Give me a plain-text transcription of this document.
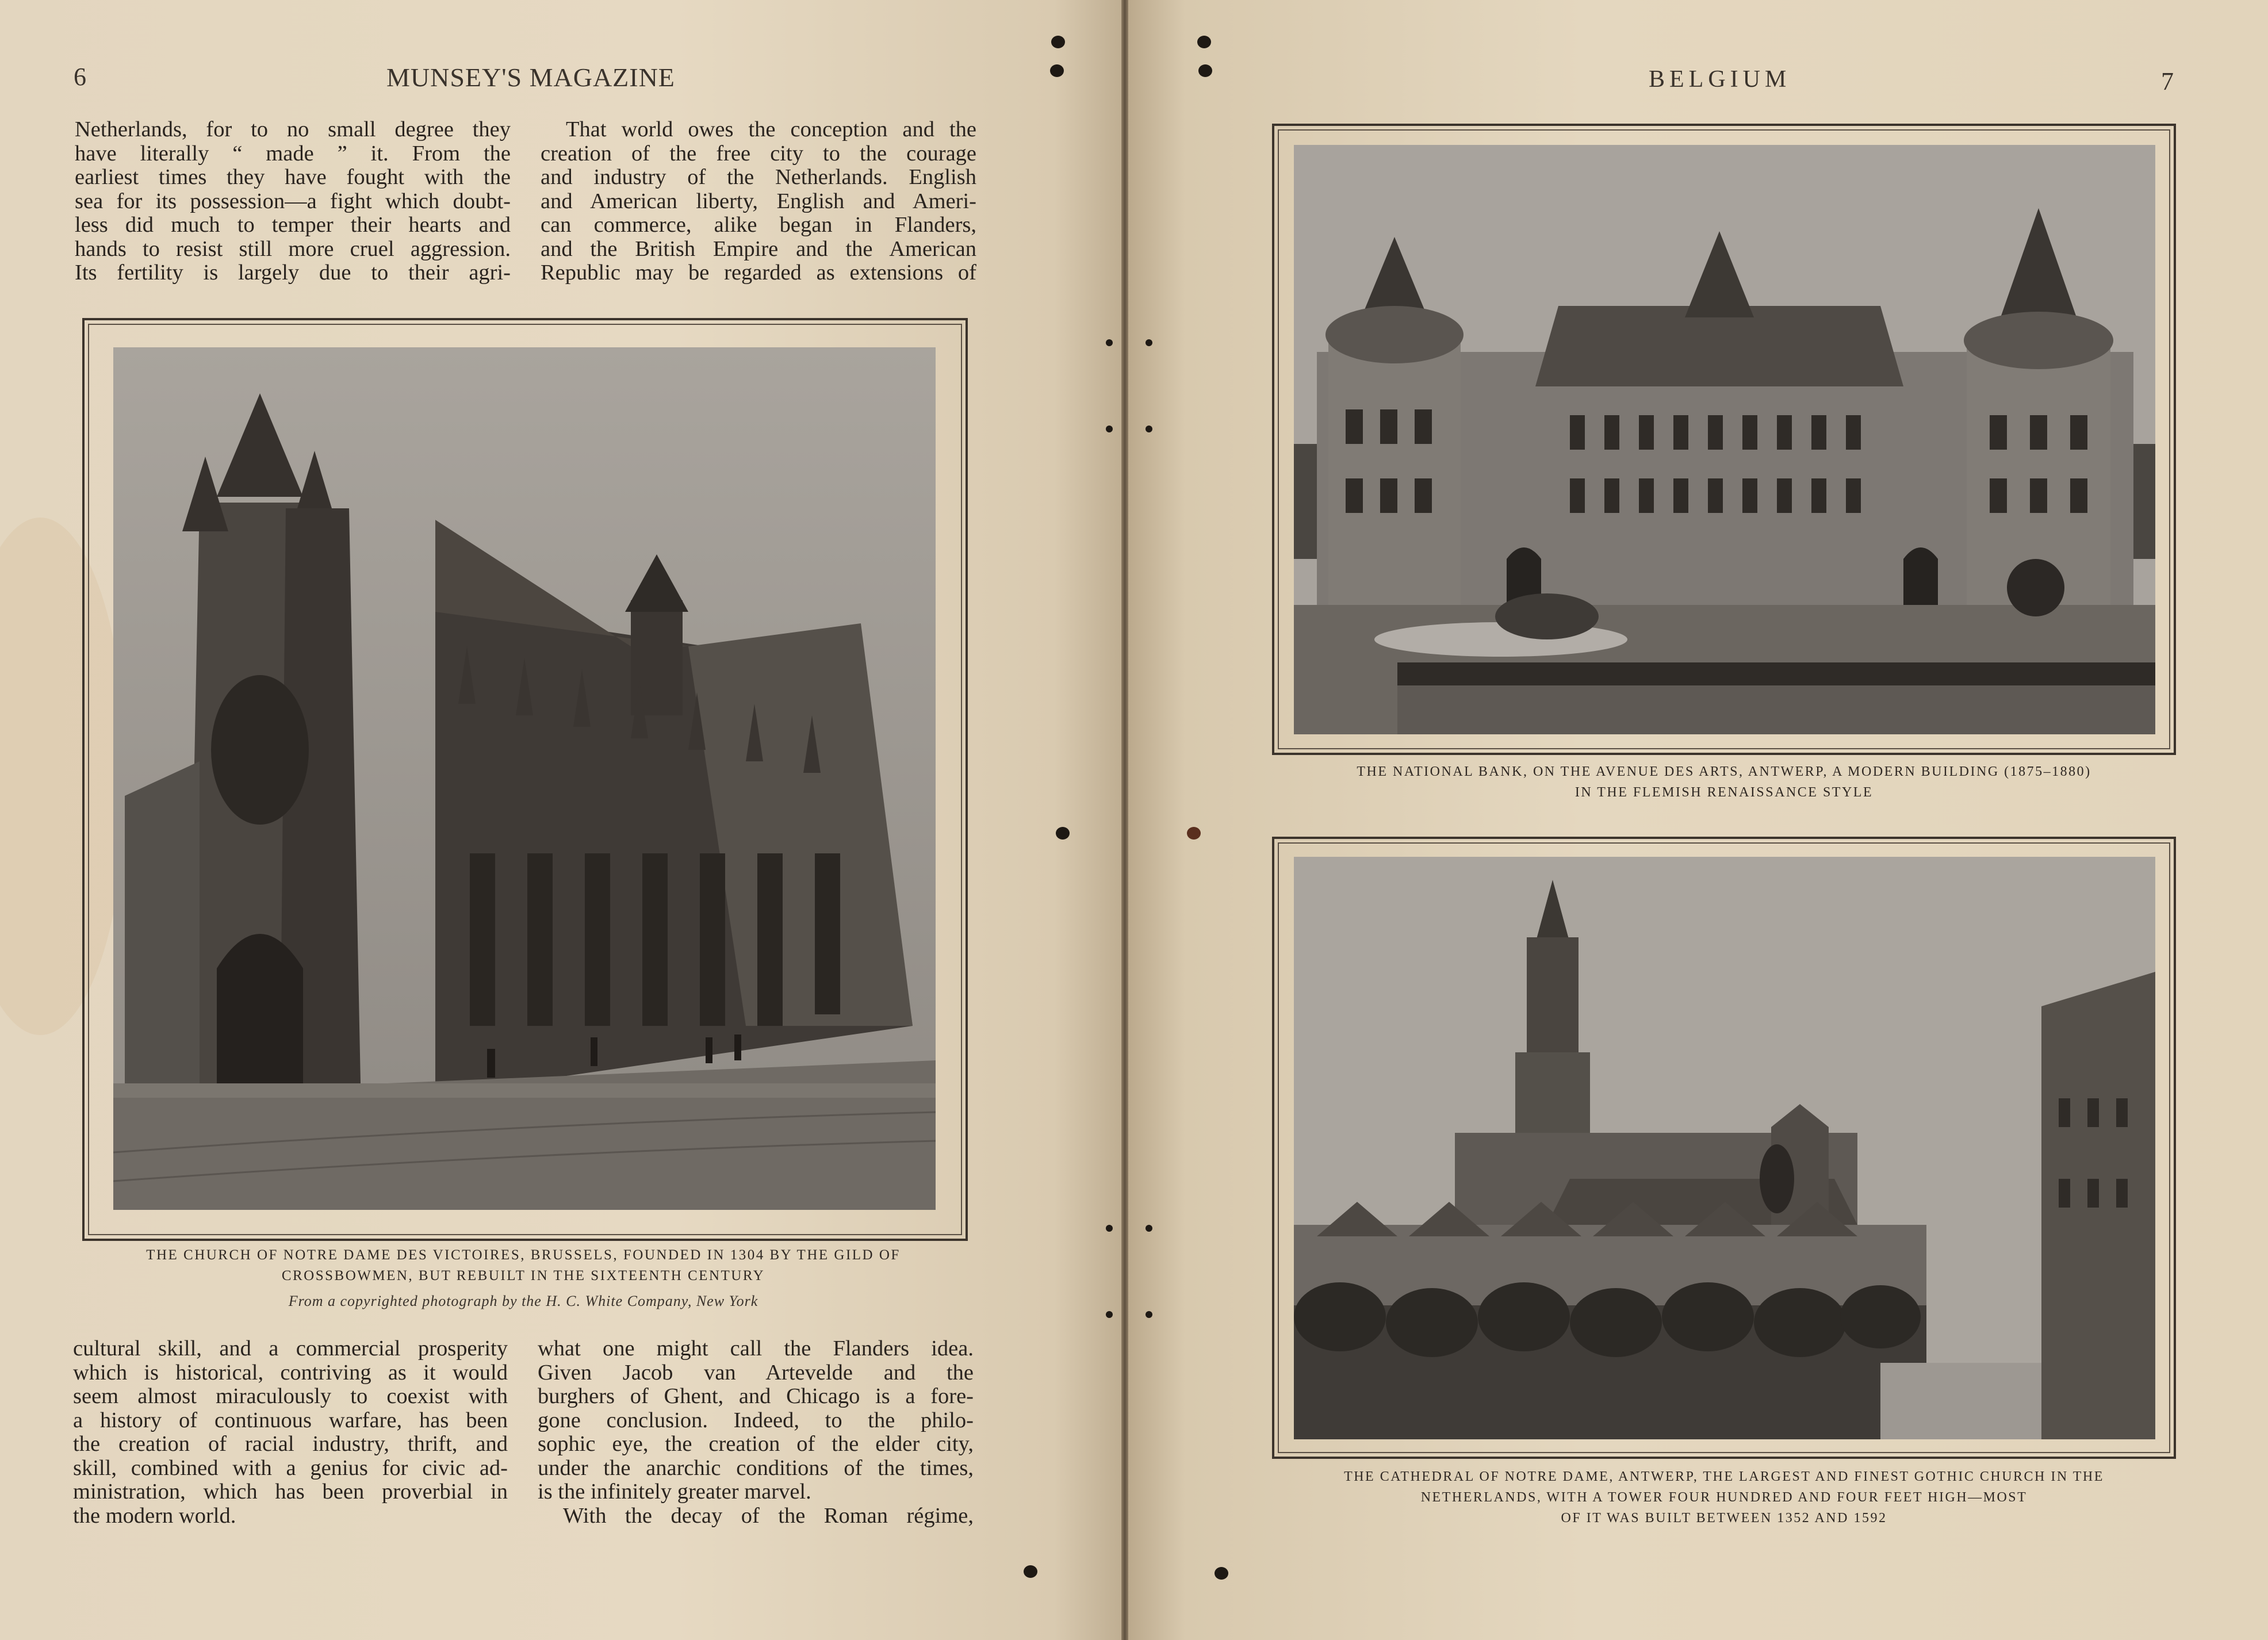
6	MUNSEY'S MAGAZINE

Netherlands, for to no small degree they

have literally “ made ” it. From the

earliest times they have fought with the

sea for its possession—a fight which doubt-

less did much to temper their hearts and

hands to resist still more cruel aggression.

Its fertility is largely due to their agri-

That world owes the conception and the

creation of the free city to the courage

and industry of the Netherlands. English

and American liberty, English and Ameri-

can commerce, alike began in Flanders,

and the British Empire and the American

Republic may be regarded as extensions of

THE CHURCH OF NOTRE DAME DES VICTOIRES, BRUSSELS, FOUNDED IN 1304 BY THE GILD OF
CROSSBOWMEN, BUT REBUILT IN THE SIXTEENTH CENTURY
From a copyrighted photograph by the H. C. White Company, New York

cultural skill, and a commercial prosperity

which is historical, contriving as it would

seem almost miraculously to coexist with

a history of continuous warfare, has been

the creation of racial industry, thrift, and

skill, combined with a genius for civic ad-

ministration, which has been proverbial in

the modern world.

what one might call the Flanders idea.

Given Jacob van Artevelde and the

burghers of Ghent, and Chicago is a fore-

gone conclusion. Indeed, to the philo-

sophic eye, the creation of the elder city,

under the anarchic conditions of the times,

is the infinitely greater marvel.

With the decay of the Roman régime,

BELGIUM	7
THE NATIONAL BANK, ON THE AVENUE DES ARTS, ANTWERP, A MODERN BUILDING (1875–1880)
IN THE FLEMISH RENAISSANCE STYLE
THE CATHEDRAL OF NOTRE DAME, ANTWERP, THE LARGEST AND FINEST GOTHIC CHURCH IN THE
NETHERLANDS, WITH A TOWER FOUR HUNDRED AND FOUR FEET HIGH—MOST
OF IT WAS BUILT BETWEEN 1352 AND 1592
